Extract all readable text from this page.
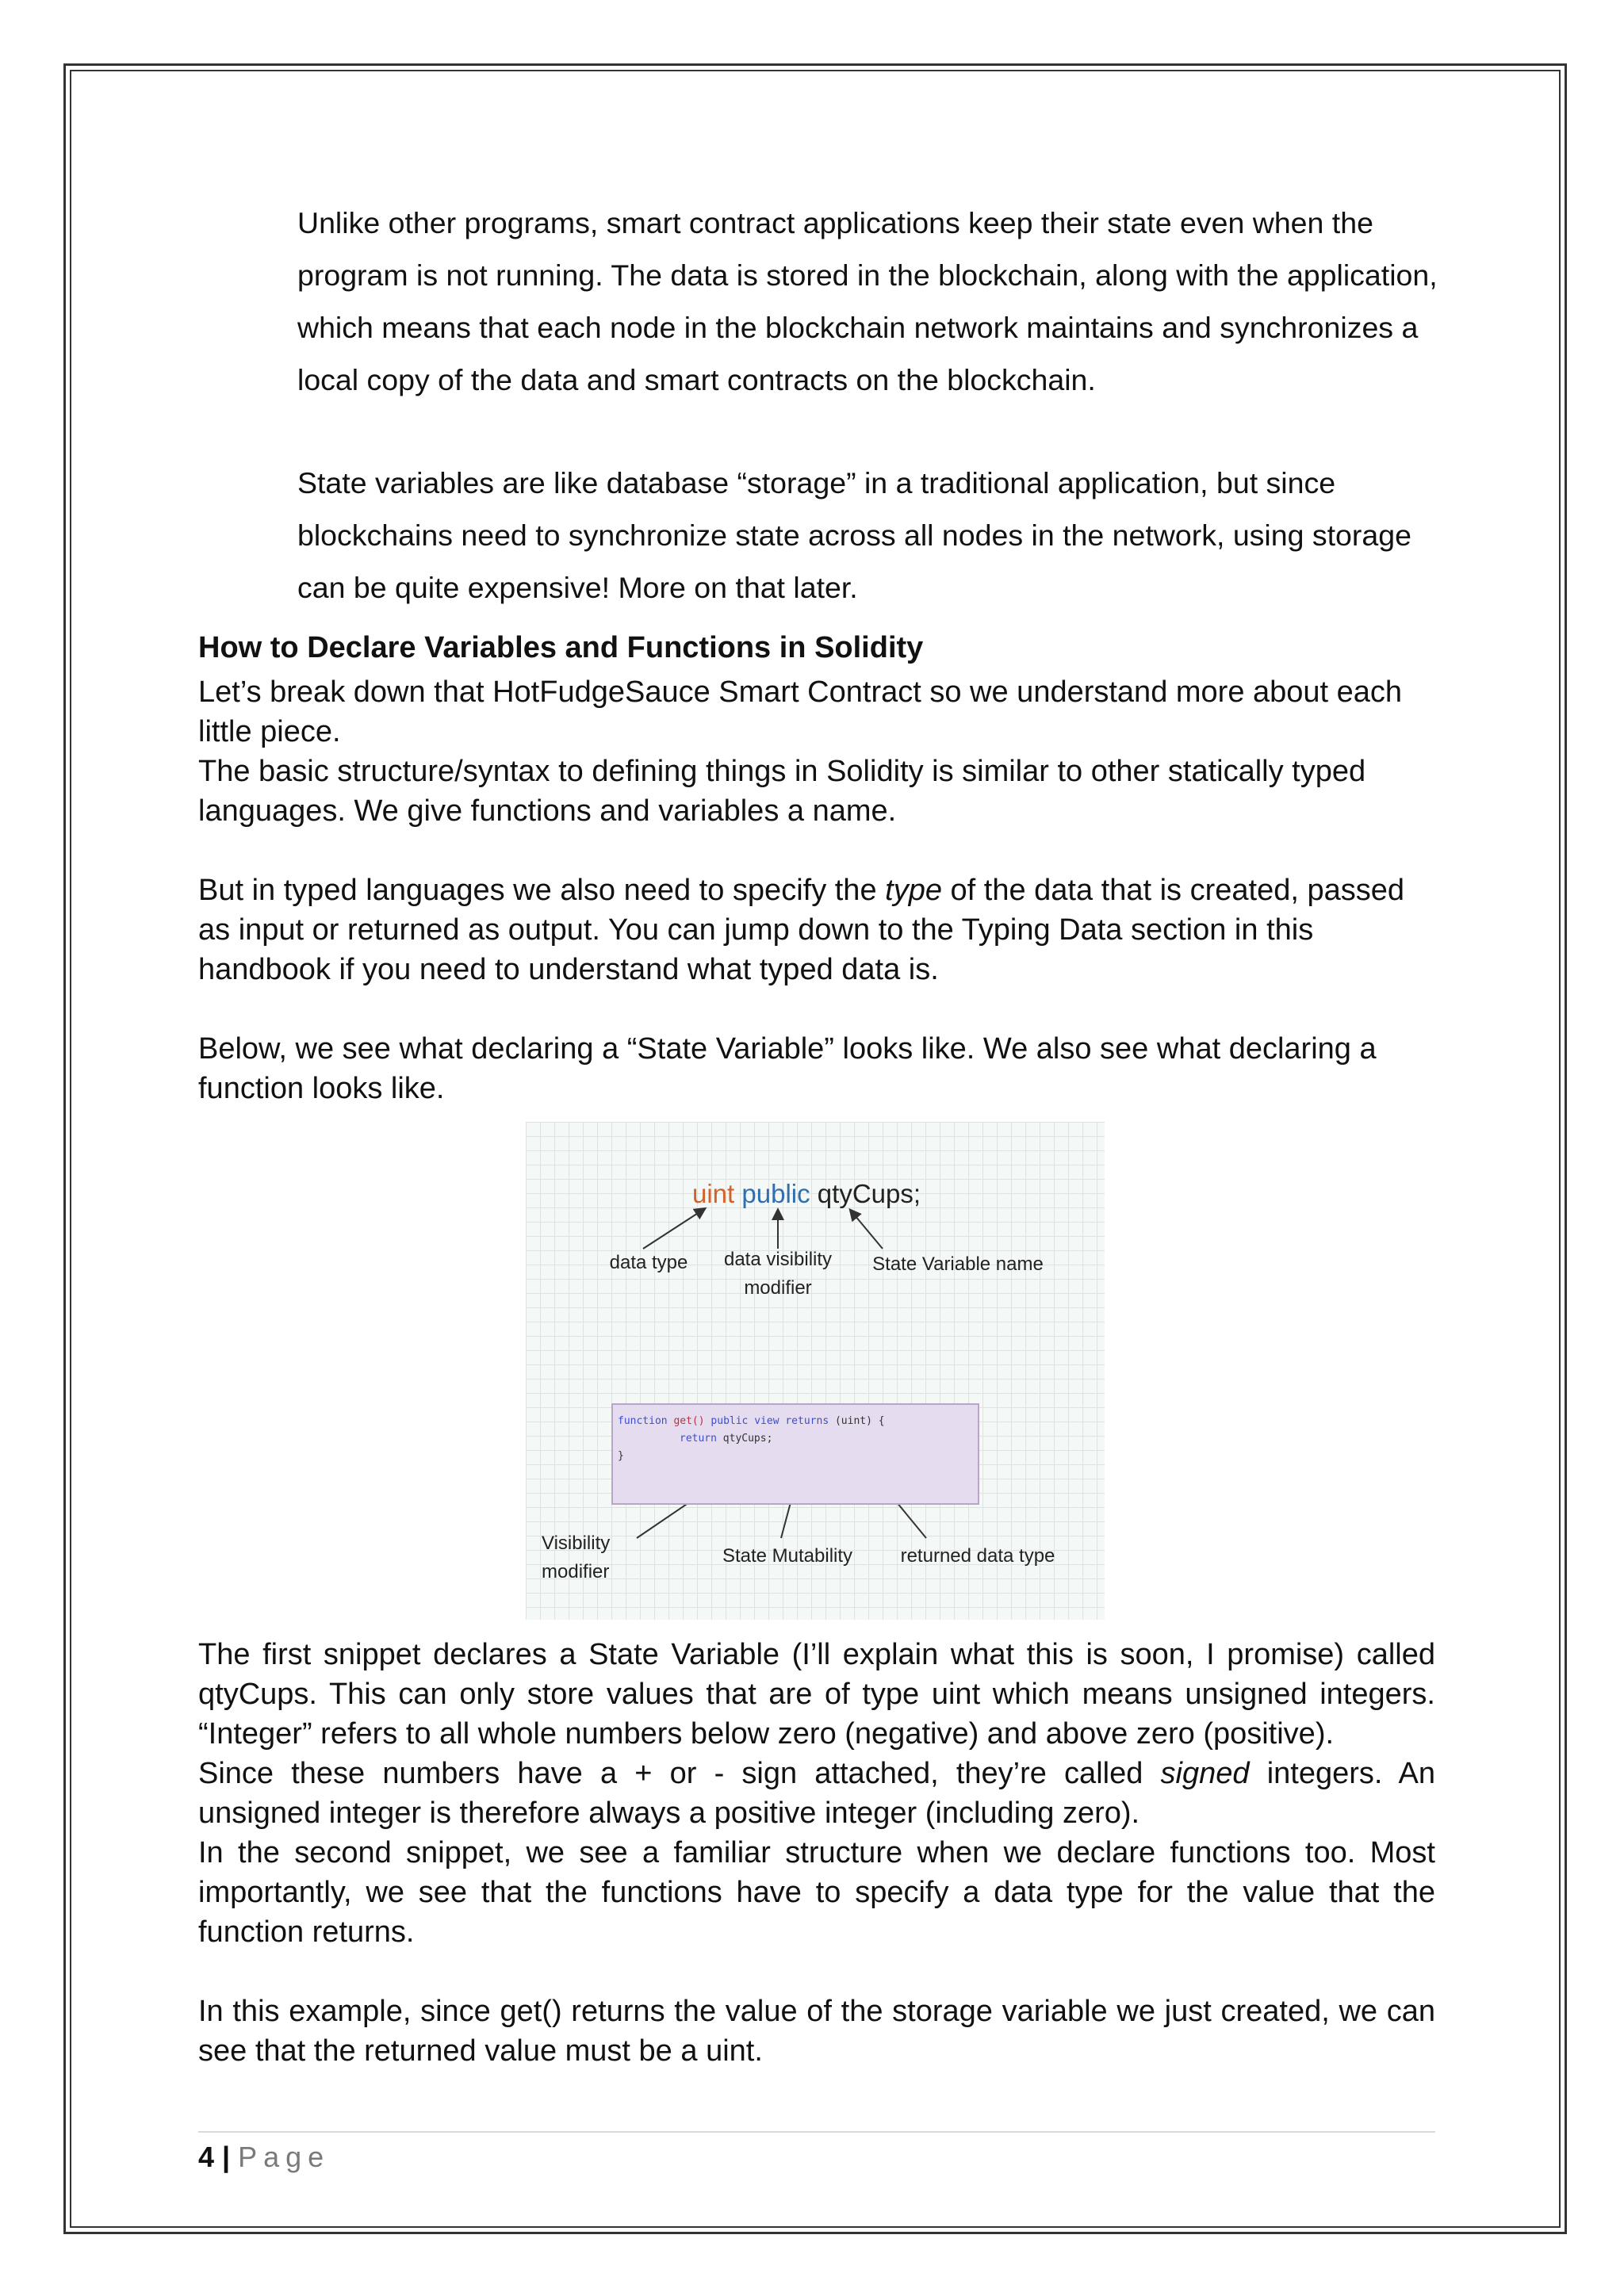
Unlike other programs, smart contract applications keep their state even when the program is not running. The data is stored in the blockchain, along with the application, which means that each node in the blockchain network maintains and synchronizes a local copy of the data and smart contracts on the blockchain.

State variables are like database “storage” in a traditional application, but since blockchains need to synchronize state across all nodes in the network, using storage can be quite expensive! More on that later.

How to Declare Variables and Functions in Solidity

Let’s break down that HotFudgeSauce Smart Contract so we understand more about each little piece.

The basic structure/syntax to defining things in Solidity is similar to other statically typed languages. We give functions and variables a name.

But in typed languages we also need to specify the type of the data that is created, passed as input or returned as output. You can jump down to the Typing Data section in this handbook if you need to understand what typed data is.

Below, we see what declaring a “State Variable” looks like. We also see what declaring a function looks like.

uint public qtyCups;
data type	data visibility
modifier
State Variable name
function get() public view returns (uint) {
return qtyCups;
}
Visibility
modifier
State Mutability	returned data type

The first snippet declares a State Variable (I’ll explain what this is soon, I promise) called qtyCups. This can only store values that are of type uint which means unsigned integers. “Integer” refers to all whole numbers below zero (negative) and above zero (positive).

Since these numbers have a + or - sign attached, they’re called signed integers. An unsigned integer is therefore always a positive integer (including zero).

In the second snippet, we see a familiar structure when we declare functions too. Most importantly, we see that the functions have to specify a data type for the value that the function returns.

In this example, since get() returns the value of the storage variable we just created, we can see that the returned value must be a uint.

4 | Page
